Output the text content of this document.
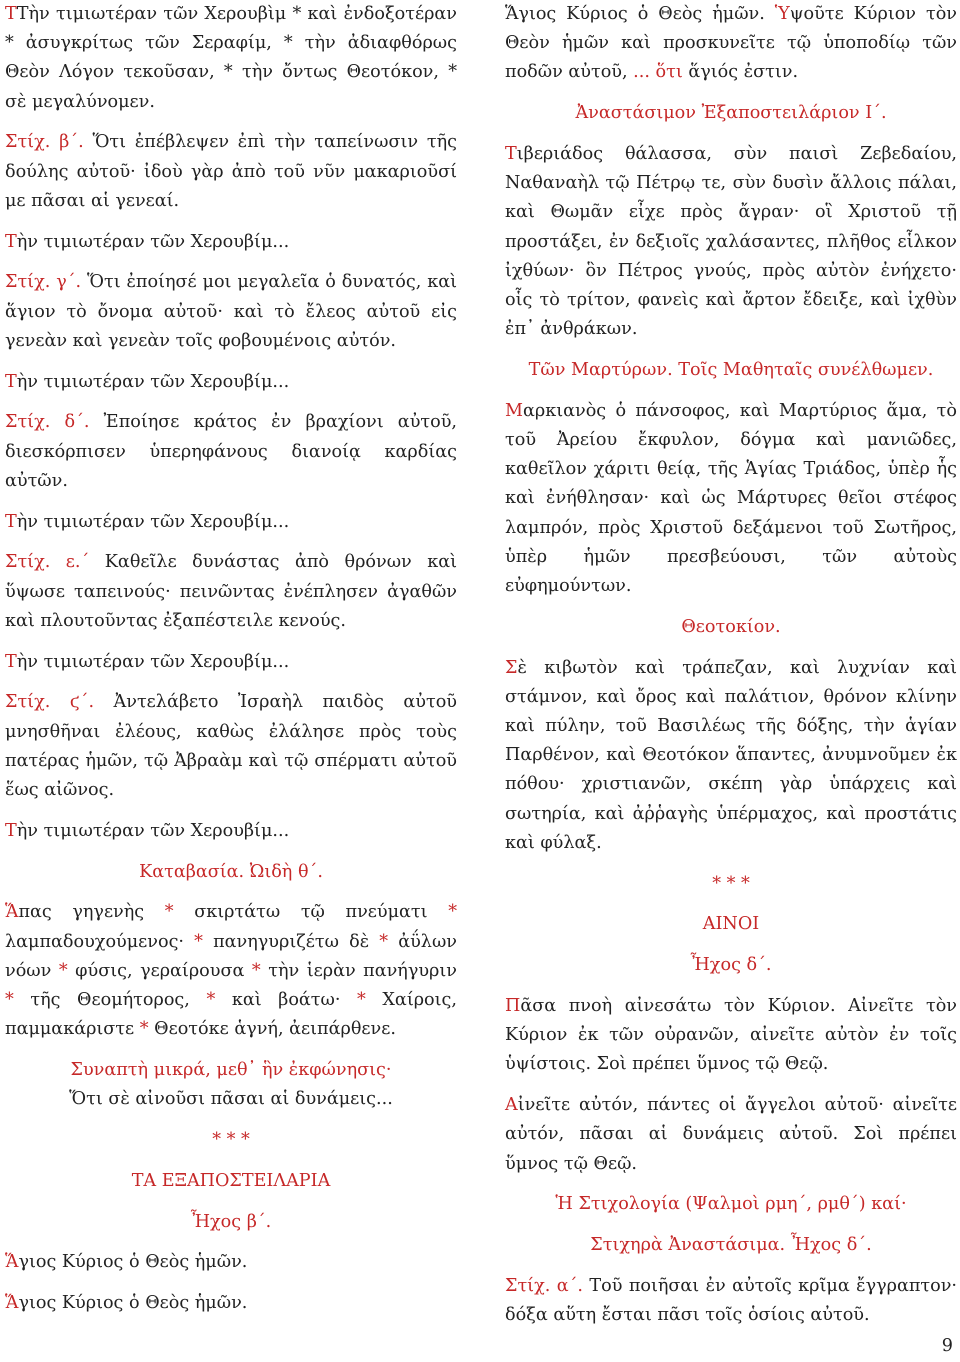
ΤΤὴν τιμιωτέραν τῶν Χερουβὶμ * καὶ ἐνδοξοτέραν * ἀσυγκρίτως τῶν Σεραφίμ, * τὴν ἀδιαφθόρως Θεὸν Λόγον τεκοῦσαν, * τὴν ὄντως Θεοτόκον, * σὲ μεγαλύνομεν.

Στίχ. β΄. Ὅτι ἐπέβλεψεν ἐπὶ τὴν ταπείνωσιν τῆς δούλης αὐτοῦ· ἰδοὺ γὰρ ἀπὸ τοῦ νῦν μακαριοῦσί με πᾶσαι αἱ γενεαί.

Τὴν τιμιωτέραν τῶν Χερουβίμ...

Στίχ. γ΄. Ὅτι ἐποίησέ μοι μεγαλεῖα ὁ δυνατός, καὶ ἅγιον τὸ ὄνομα αὐτοῦ· καὶ τὸ ἔλεος αὐτοῦ εἰς γενεὰν καὶ γενεὰν τοῖς φοβουμένοις αὐτόν.

Τὴν τιμιωτέραν τῶν Χερουβίμ...

Στίχ. δ΄. Ἐποίησε κράτος ἐν βραχίονι αὐτοῦ, διεσκόρπισεν ὑπερηφάνους διανοίᾳ καρδίας αὐτῶν.

Τὴν τιμιωτέραν τῶν Χερουβίμ...

Στίχ. ε.΄ Καθεῖλε δυνάστας ἀπὸ θρόνων καὶ ὕψωσε ταπεινούς· πεινῶντας ἐνέπλησεν ἀγαθῶν καὶ πλουτοῦντας ἐξαπέστειλε κενούς.

Τὴν τιμιωτέραν τῶν Χερουβίμ...

Στίχ. ϛ΄. Ἀντελάβετο Ἰσραὴλ παιδὸς αὐτοῦ μνησθῆναι ἐλέους, καθὼς ἐλάλησε πρὸς τοὺς πατέρας ἡμῶν, τῷ Ἀβραὰμ καὶ τῷ σπέρματι αὐτοῦ ἕως αἰῶνος.

Τὴν τιμιωτέραν τῶν Χερουβίμ...

Καταβασία. Ὠιδὴ θ΄.

Ἅπας γηγενὴς * σκιρτάτω τῷ πνεύματι * λαμπαδουχούμενος· * πανηγυριζέτω δὲ * ἀΰλων νόων * φύσις, γεραίρουσα * τὴν ἱερὰν πανήγυριν * τῆς Θεομήτορος, * καὶ βοάτω· * Χαίροις, παμμακάριστε * Θεοτόκε ἁγνή, ἀειπάρθενε.

Συναπτὴ μικρά, μεθ᾿ ἣν ἐκφώνησις·
Ὅτι σὲ αἰνοῦσι πᾶσαι αἱ δυνάμεις...
* * *
ΤΑ ΕΞΑΠΟΣΤΕΙΛΑΡΙΑ
Ἦχος β΄.

Ἅγιος Κύριος ὁ Θεὸς ἡμῶν.

Ἅγιος Κύριος ὁ Θεὸς ἡμῶν.

Ἅγιος Κύριος ὁ Θεὸς ἡμῶν. Ὑψοῦτε Κύριον τὸν Θεὸν ἡμῶν καὶ προσκυνεῖτε τῷ ὑποποδίῳ τῶν ποδῶν αὐτοῦ, ... ὅτι ἅγιός ἐστιν.

Ἀναστάσιμον Ἐξαποστειλάριον Ι΄.

Τιβεριάδος θάλασσα, σὺν παισὶ Ζεβεδαίου, Ναθαναὴλ τῷ Πέτρῳ τε, σὺν δυσὶν ἄλλοις πάλαι, καὶ Θωμᾶν εἶχε πρὸς ἄγραν· οἳ Χριστοῦ τῇ προστάξει, ἐν δεξιοῖς χαλάσαντες, πλῆθος εἷλκον ἰχθύων· ὃν Πέτρος γνούς, πρὸς αὐτὸν ἐνήχετο· οἷς τὸ τρίτον, φανεὶς καὶ ἄρτον ἔδειξε, καὶ ἰχθὺν ἐπ᾿ ἀνθράκων.

Τῶν Μαρτύρων. Τοῖς Μαθηταῖς συνέλθωμεν.

Μαρκιανὸς ὁ πάνσοφος, καὶ Μαρτύριος ἅμα, τὸ τοῦ Ἀρείου ἔκφυλον, δόγμα καὶ μανιῶδες, καθεῖλον χάριτι θείᾳ, τῆς Ἁγίας Τριάδος, ὑπὲρ ἧς καὶ ἐνήθλησαν· καὶ ὡς Μάρτυρες θεῖοι στέφος λαμπρόν, πρὸς Χριστοῦ δεξάμενοι τοῦ Σωτῆρος, ὑπὲρ ἡμῶν πρεσβεύουσι, τῶν αὐτοὺς εὐφημούντων.

Θεοτοκίον.

Σὲ κιβωτὸν καὶ τράπεζαν, καὶ λυχνίαν καὶ στάμνον, καὶ ὄρος καὶ παλάτιον, θρόνον κλίνην καὶ πύλην, τοῦ Βασιλέως τῆς δόξης, τὴν ἁγίαν Παρθένον, καὶ Θεοτόκον ἅπαντες, ἀνυμνοῦμεν ἐκ πόθου· χριστιανῶν, σκέπη γὰρ ὑπάρχεις καὶ σωτηρία, καὶ ἀῤῥαγὴς ὑπέρμαχος, καὶ προστάτις καὶ φύλαξ.

* * *
ΑΙΝΟΙ
Ἦχος δ΄.

Πᾶσα πνοὴ αἰνεσάτω τὸν Κύριον. Αἰνεῖτε τὸν Κύριον ἐκ τῶν οὐρανῶν, αἰνεῖτε αὐτὸν ἐν τοῖς ὑψίστοις. Σοὶ πρέπει ὕμνος τῷ Θεῷ.

Αἰνεῖτε αὐτόν, πάντες οἱ ἄγγελοι αὐτοῦ· αἰνεῖτε αὐτόν, πᾶσαι αἱ δυνάμεις αὐτοῦ. Σοὶ πρέπει ὕμνος τῷ Θεῷ.

Ἡ Στιχολογία (Ψαλμοὶ ρμη΄, ρμθ΄) καί·
Στιχηρὰ Ἀναστάσιμα. Ἦχος δ΄.

Στίχ. α΄. Τοῦ ποιῆσαι ἐν αὐτοῖς κρῖμα ἔγγραπτον· δόξα αὕτη ἔσται πᾶσι τοῖς ὁσίοις αὐτοῦ.

9
